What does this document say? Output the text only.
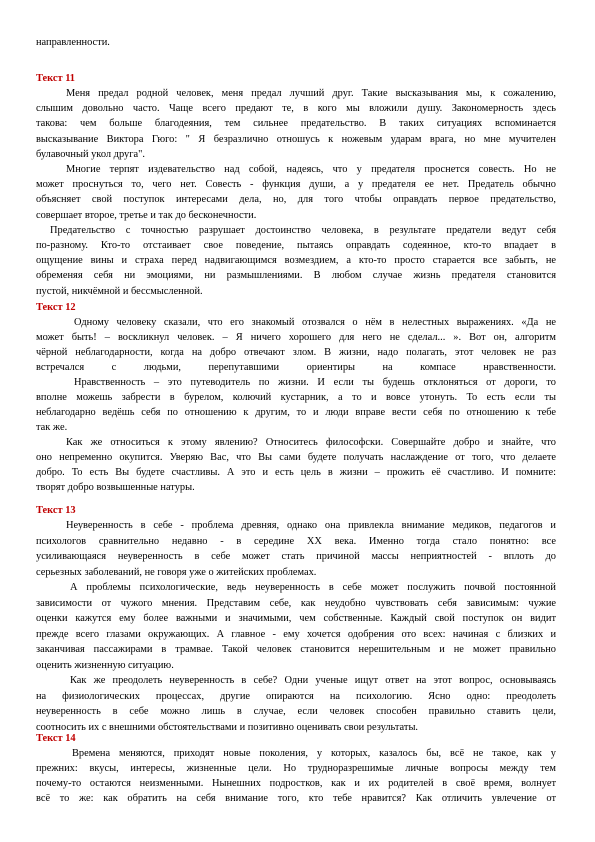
направленности.
Текст 11
Меня предал родной человек, меня предал лучший друг. Такие высказывания мы, к сожалению,
слышим довольно часто. Чаще всего предают те, в кого мы вложили душу. Закономерность здесь
такова: чем больше благодеяния, тем сильнее предательство. В таких ситуациях вспоминается
высказывание Виктора Гюго: " Я безразлично отношусь к ножевым ударам врага, но мне мучителен
булавочный укол друга".
Многие терпят издевательство над собой, надеясь, что у предателя проснется совесть. Но не
может проснуться то, чего нет. Совесть - функция души, а у предателя ее нет. Предатель обычно
объясняет свой поступок интересами дела, но, для того чтобы оправдать первое предательство,
совершает второе, третье и так до бесконечности.
Предательство с точностью разрушает достоинство человека, в результате предатели ведут себя
по-разному. Кто-то отстаивает свое поведение, пытаясь оправдать содеянное, кто-то впадает в
ощущение вины и страха перед надвигающимся возмездием, а кто-то просто старается все забыть, не
обременяя себя ни эмоциями, ни размышлениями. В любом случае жизнь предателя становится
пустой, никчёмной и бессмысленной.
Текст 12
Одному человеку сказали, что его знакомый отозвался о нём в нелестных выражениях. «Да не
может быть! – воскликнул человек. – Я ничего хорошего для него не сделал... ». Вот он, алгоритм
чёрной неблагодарности, когда на добро отвечают злом. В жизни, надо полагать, этот человек не раз
встречался с людьми, перепутавшими ориентиры на компасе нравственности.
Нравственность – это путеводитель по жизни. И если ты будешь отклоняться от дороги, то
вполне можешь забрести в бурелом, колючий кустарник, а то и вовсе утонуть. То есть если ты
неблагодарно ведёшь себя по отношению к другим, то и люди вправе вести себя по отношению к тебе
так же.
Как же относиться к этому явлению? Относитесь философски. Совершайте добро и знайте, что
оно непременно окупится. Уверяю Вас, что Вы сами будете получать наслаждение от того, что делаете
добро. То есть Вы будете счастливы. А это и есть цель в жизни – прожить её счастливо. И помните:
творят добро возвышенные натуры.
Текст 13
Неуверенность в себе - проблема древняя, однако она привлекла внимание медиков, педагогов и
психологов сравнительно недавно - в середине XX века. Именно тогда стало понятно: все
усиливающаяся неуверенность в себе может стать причиной массы неприятностей - вплоть до
серьезных заболеваний, не говоря уже о житейских проблемах.
А проблемы психологические, ведь неуверенность в себе может послужить почвой постоянной
зависимости от чужого мнения. Представим себе, как неудобно чувствовать себя зависимым: чужие
оценки кажутся ему более важными и значимыми, чем собственные. Каждый свой поступок он видит
прежде всего глазами окружающих. А главное - ему хочется одобрения ото всех: начиная с близких и
заканчивая пассажирами в трамвае. Такой человек становится нерешительным и не может правильно
оценить жизненную ситуацию.
Как же преодолеть неуверенность в себе? Одни ученые ищут ответ на этот вопрос, основываясь
на физиологических процессах, другие опираются на психологию. Ясно одно: преодолеть
неуверенность в себе можно лишь в случае, если человек способен правильно ставить цели,
соотносить их с внешними обстоятельствами и позитивно оценивать свои результаты.
Текст 14
Времена меняются, приходят новые поколения, у которых, казалось бы, всё не такое, как у
прежних: вкусы, интересы, жизненные цели. Но трудноразрешимые личные вопросы между тем
почему-то остаются неизменными. Нынешних подростков, как и их родителей в своё время, волнует
всё то же: как обратить на себя внимание того, кто тебе нравится? Как отличить увлечение от
